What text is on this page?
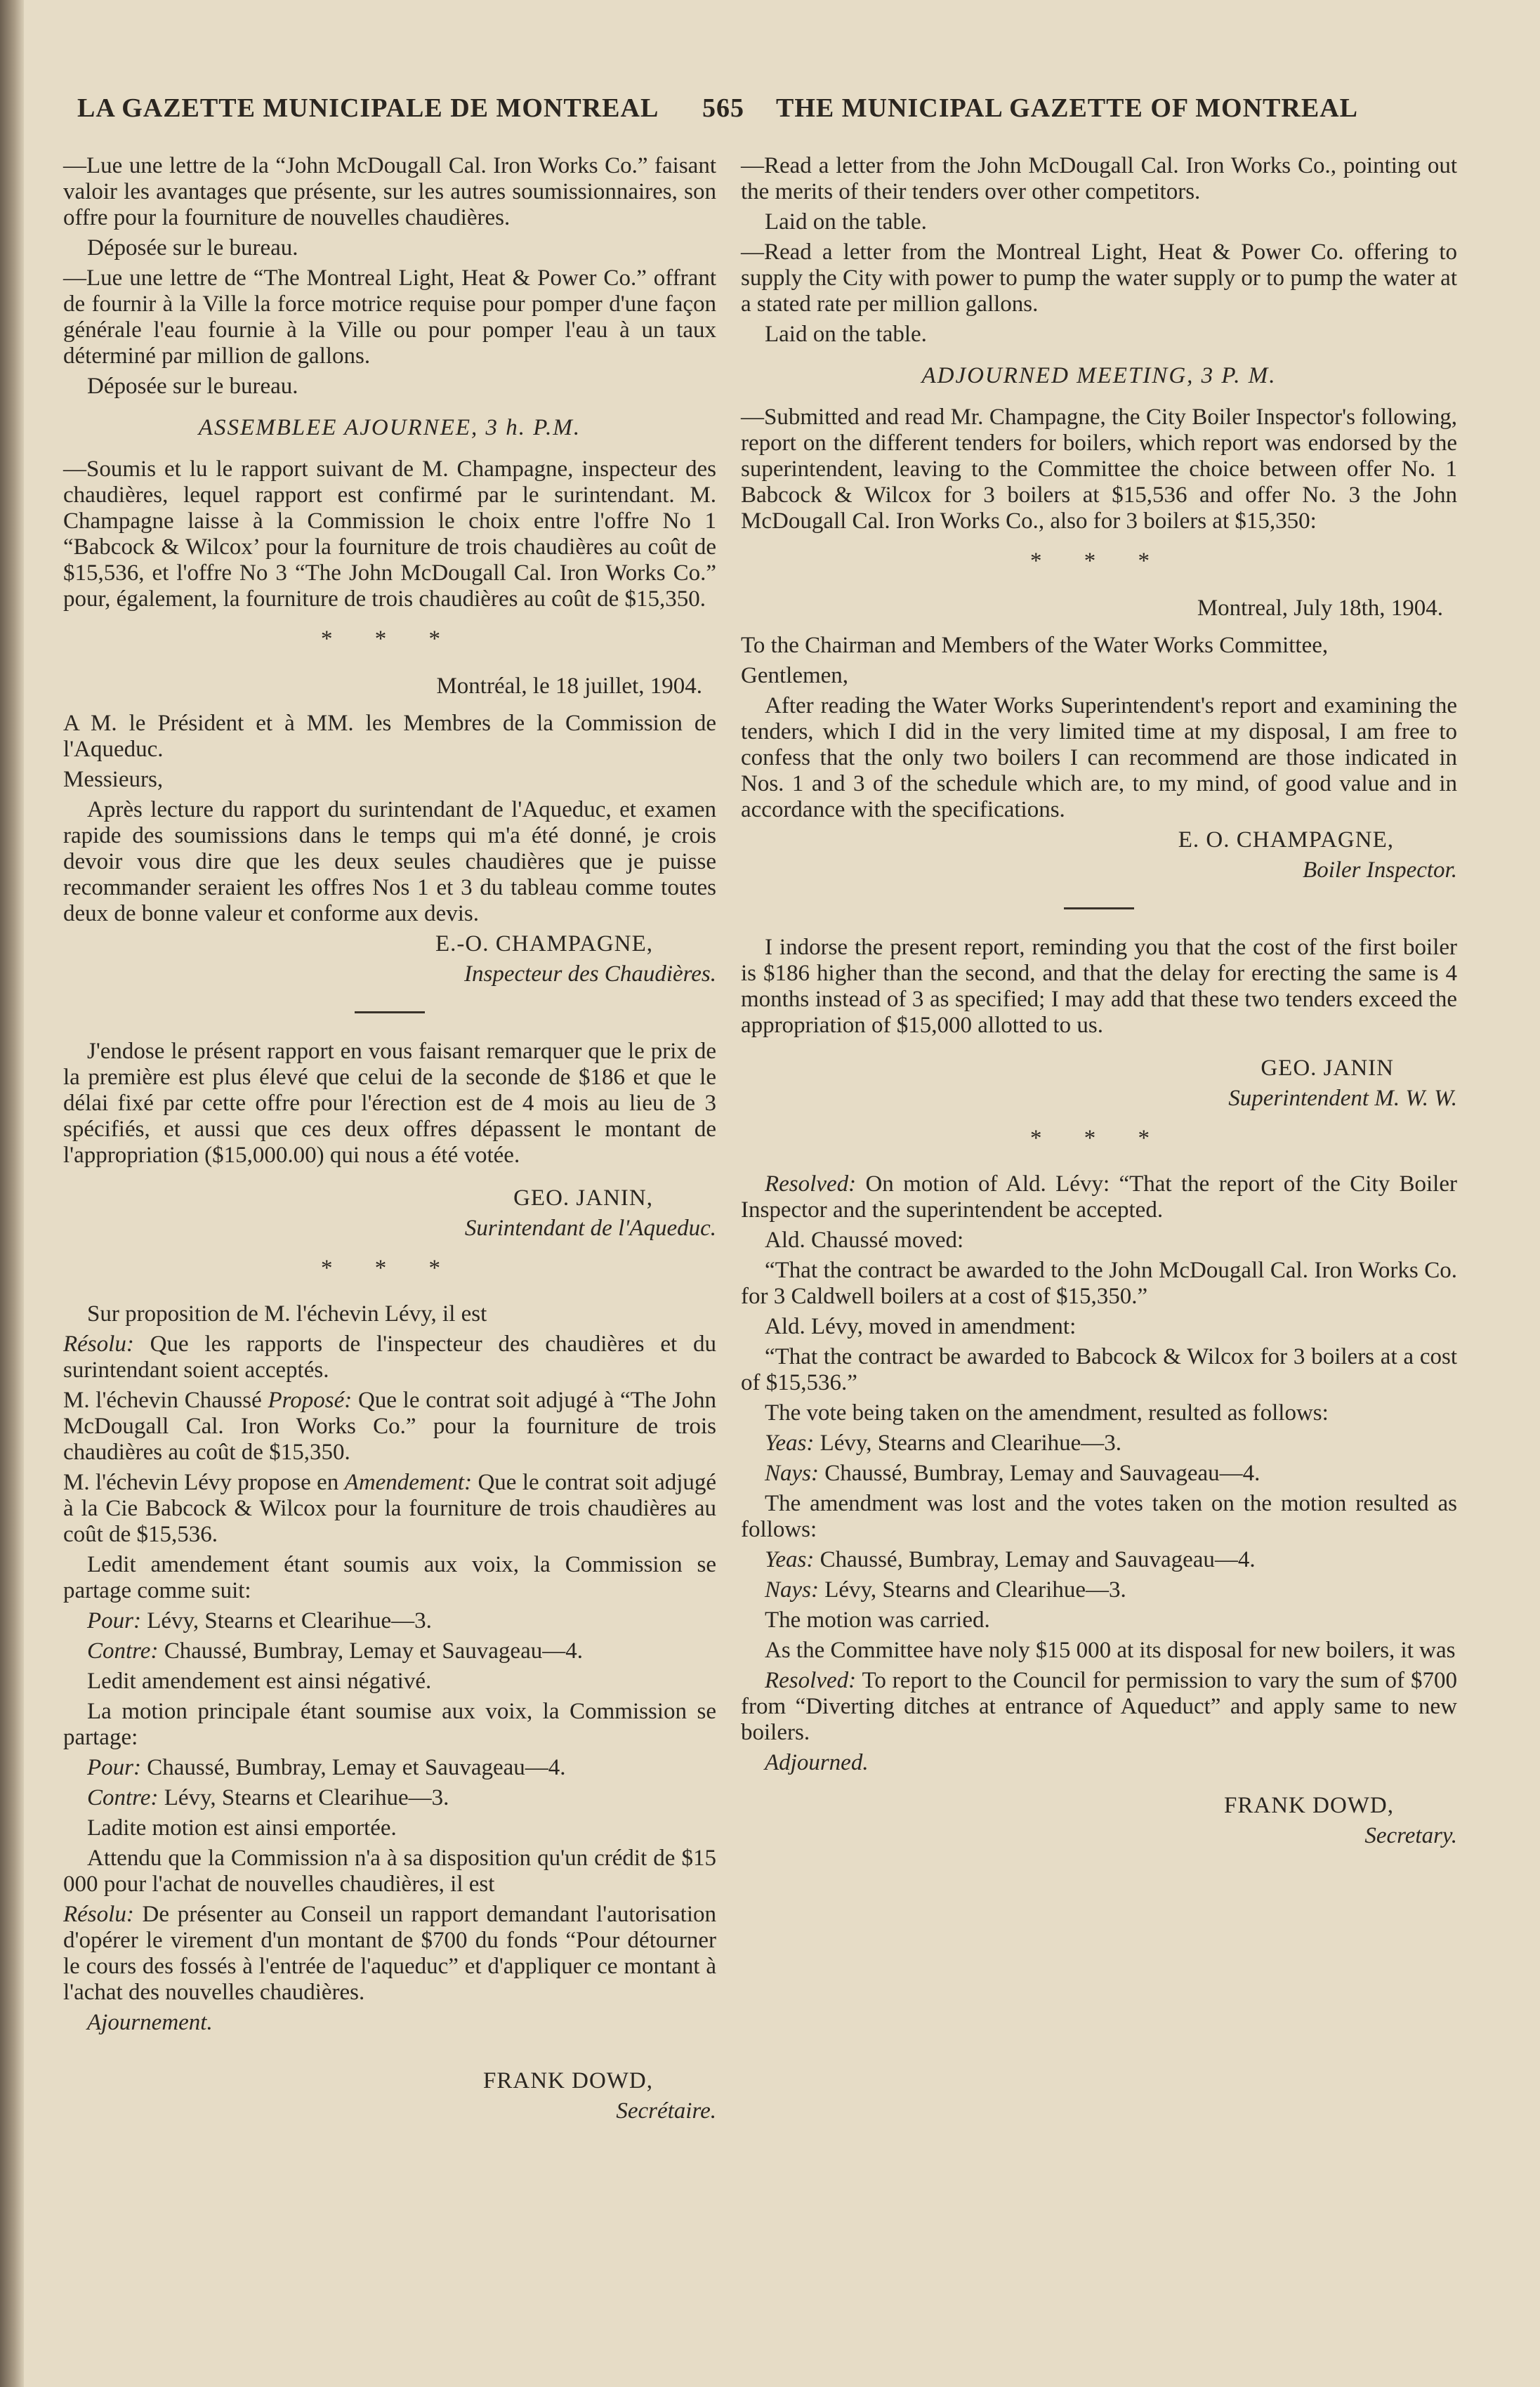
LA GAZETTE MUNICIPALE DE MONTREAL 565 THE MUNICIPAL GAZETTE OF MONTREAL

—Lue une lettre de la “John McDougall Cal. Iron Works Co.” faisant valoir les avantages que présente, sur les autres soumissionnaires, son offre pour la fourniture de nouvelles chaudières.

Déposée sur le bureau.

—Lue une lettre de “The Montreal Light, Heat & Power Co.” offrant de fournir à la Ville la force motrice requise pour pomper d'une façon générale l'eau fournie à la Ville ou pour pomper l'eau à un taux déterminé par million de gallons.

Déposée sur le bureau.

ASSEMBLEE AJOURNEE, 3 h. P.M.

—Soumis et lu le rapport suivant de M. Champagne, inspecteur des chaudières, lequel rapport est confirmé par le surintendant. M. Champagne laisse à la Commission le choix entre l'offre No 1 “Babcock & Wilcox’ pour la fourniture de trois chaudières au coût de $15,536, et l'offre No 3 “The John McDougall Cal. Iron Works Co.” pour, également, la fourniture de trois chaudières au coût de $15,350.

* * *

Montréal, le 18 juillet, 1904.

A M. le Président et à MM. les Membres de la Commission de l'Aqueduc.

Messieurs,

Après lecture du rapport du surintendant de l'Aqueduc, et examen rapide des soumissions dans le temps qui m'a été donné, je crois devoir vous dire que les deux seules chaudières que je puisse recommander seraient les offres Nos 1 et 3 du tableau comme toutes deux de bonne valeur et conforme aux devis.

E.-O. CHAMPAGNE,

Inspecteur des Chaudières.

J'endose le présent rapport en vous faisant remarquer que le prix de la première est plus élevé que celui de la seconde de $186 et que le délai fixé par cette offre pour l'érection est de 4 mois au lieu de 3 spécifiés, et aussi que ces deux offres dépassent le montant de l'appropriation ($15,000.00) qui nous a été votée.

GEO. JANIN,

Surintendant de l'Aqueduc.

* * *

Sur proposition de M. l'échevin Lévy, il est

Résolu: Que les rapports de l'inspecteur des chaudières et du surintendant soient acceptés.

M. l'échevin Chaussé Proposé: Que le contrat soit adjugé à “The John McDougall Cal. Iron Works Co.” pour la fourniture de trois chaudières au coût de $15,350.

M. l'échevin Lévy propose en Amendement: Que le contrat soit adjugé à la Cie Babcock & Wilcox pour la fourniture de trois chaudières au coût de $15,536.

Ledit amendement étant soumis aux voix, la Commission se partage comme suit:

Pour: Lévy, Stearns et Clearihue—3.

Contre: Chaussé, Bumbray, Lemay et Sauvageau—4.

Ledit amendement est ainsi négativé.

La motion principale étant soumise aux voix, la Commission se partage:

Pour: Chaussé, Bumbray, Lemay et Sauvageau—4.

Contre: Lévy, Stearns et Clearihue—3.

Ladite motion est ainsi emportée.

Attendu que la Commission n'a à sa disposition qu'un crédit de $15 000 pour l'achat de nouvelles chaudières, il est

Résolu: De présenter au Conseil un rapport demandant l'autorisation d'opérer le virement d'un montant de $700 du fonds “Pour détourner le cours des fossés à l'entrée de l'aqueduc” et d'appliquer ce montant à l'achat des nouvelles chaudières.

Ajournement.

FRANK DOWD,

Secrétaire.

—Read a letter from the John McDougall Cal. Iron Works Co., pointing out the merits of their tenders over other competitors.

Laid on the table.

—Read a letter from the Montreal Light, Heat & Power Co. offering to supply the City with power to pump the water supply or to pump the water at a stated rate per million gallons.

Laid on the table.

ADJOURNED MEETING, 3 P. M.

—Submitted and read Mr. Champagne, the City Boiler Inspector's following, report on the different tenders for boilers, which report was endorsed by the superintendent, leaving to the Committee the choice between offer No. 1 Babcock & Wilcox for 3 boilers at $15,536 and offer No. 3 the John McDougall Cal. Iron Works Co., also for 3 boilers at $15,350:

* * *

Montreal, July 18th, 1904.

To the Chairman and Members of the Water Works Committee,

Gentlemen,

After reading the Water Works Superintendent's report and examining the tenders, which I did in the very limited time at my disposal, I am free to confess that the only two boilers I can recommend are those indicated in Nos. 1 and 3 of the schedule which are, to my mind, of good value and in accordance with the specifications.

E. O. CHAMPAGNE,

Boiler Inspector.

I indorse the present report, reminding you that the cost of the first boiler is $186 higher than the second, and that the delay for erecting the same is 4 months instead of 3 as specified; I may add that these two tenders exceed the appropriation of $15,000 allotted to us.

GEO. JANIN

Superintendent M. W. W.

* * *

Resolved: On motion of Ald. Lévy: “That the report of the City Boiler Inspector and the superintendent be accepted.

Ald. Chaussé moved:

“That the contract be awarded to the John McDougall Cal. Iron Works Co. for 3 Caldwell boilers at a cost of $15,350.”

Ald. Lévy, moved in amendment:

“That the contract be awarded to Babcock & Wilcox for 3 boilers at a cost of $15,536.”

The vote being taken on the amendment, resulted as follows:

Yeas: Lévy, Stearns and Clearihue—3.

Nays: Chaussé, Bumbray, Lemay and Sauvageau—4.

The amendment was lost and the votes taken on the motion resulted as follows:

Yeas: Chaussé, Bumbray, Lemay and Sauvageau—4.

Nays: Lévy, Stearns and Clearihue—3.

The motion was carried.

As the Committee have noly $15 000 at its disposal for new boilers, it was

Resolved: To report to the Council for permission to vary the sum of $700 from “Diverting ditches at entrance of Aqueduct” and apply same to new boilers.

Adjourned.

FRANK DOWD,

Secretary.
